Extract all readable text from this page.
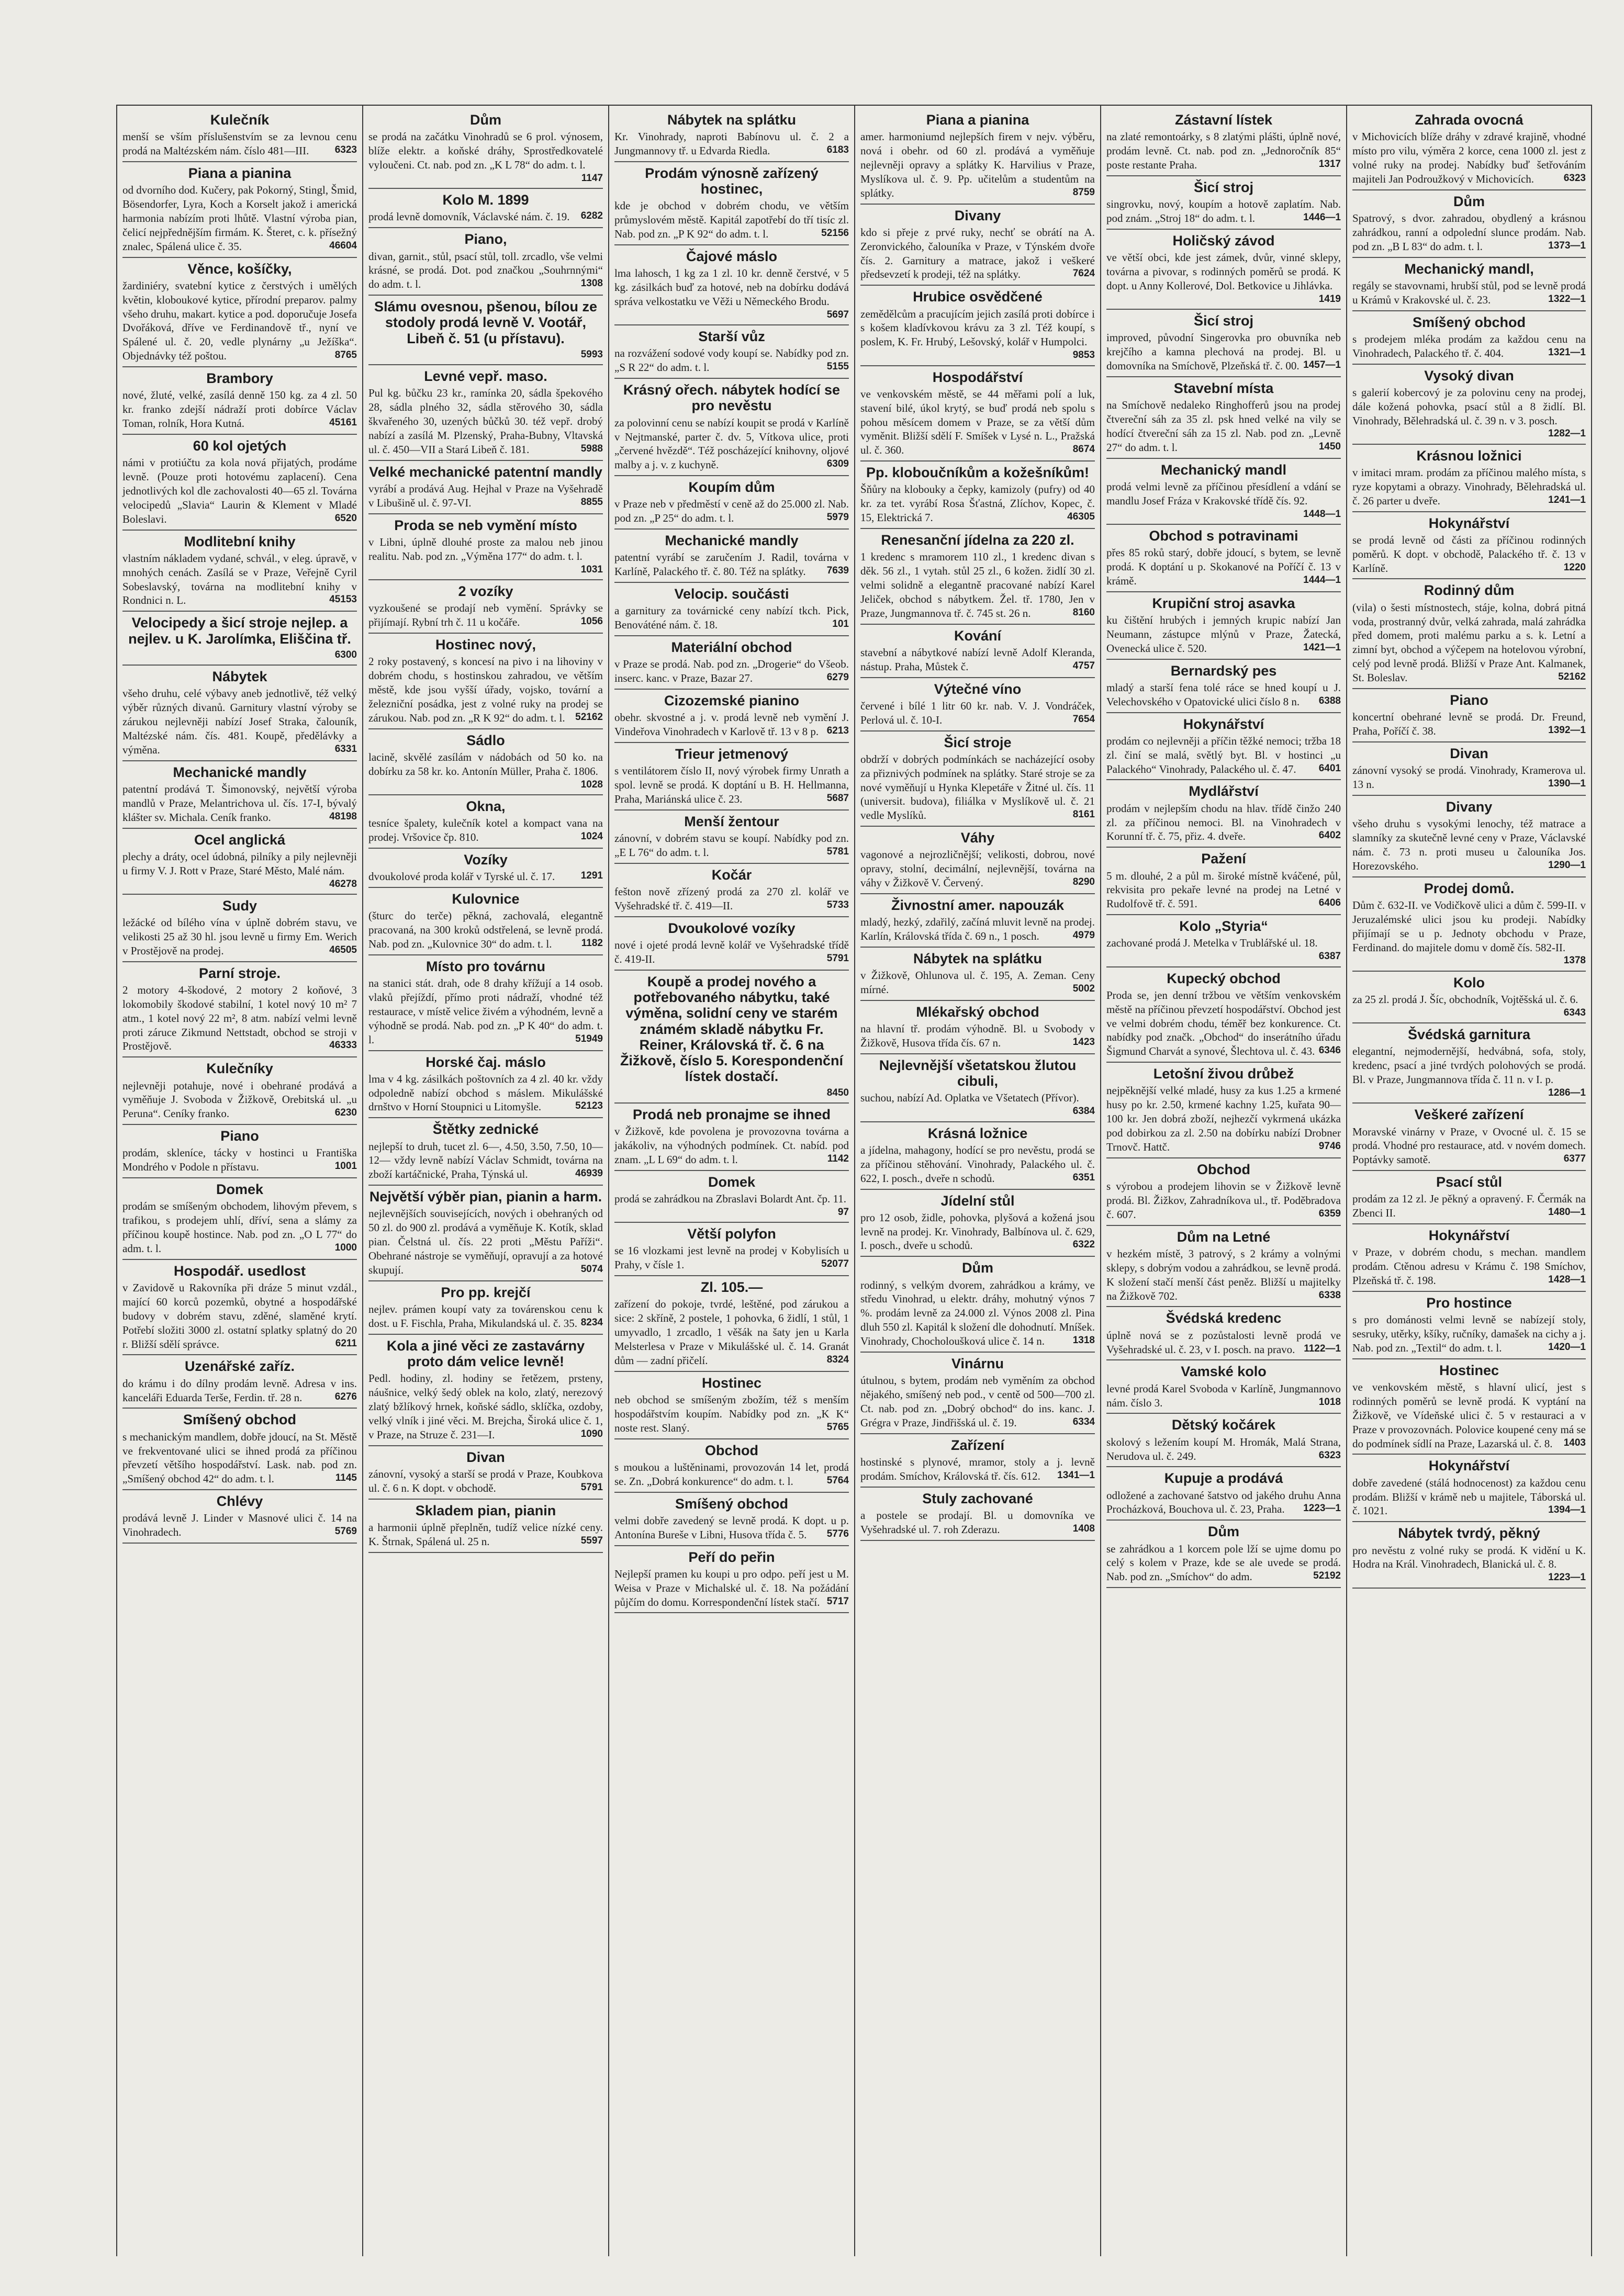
Kulečník

menší se vším příslušenstvím se za levnou cenu prodá na Maltézském nám. číslo 481—III.	6323

Piana a pianina

od dvorního dod. Kučery, pak Pokorný, Stingl, Šmid, Bösendorfer, Lyra, Koch a Korselt jakož i americká harmonia nabízím proti lhůtě. Vlastní výroba pian, čelicí nejpřednějším firmám. K. Šteret, c. k. přísežný znalec, Spálená ulice č. 35.	46604

Věnce, košíčky,

žardiniéry, svatební kytice z čerstvých i umělých květin, kloboukové kytice, přírodní preparov. palmy všeho druhu, makart. kytice a pod. doporučuje Josefa Dvořáková, dříve ve Ferdinandově tř., nyní ve Spálené ul. č. 20, vedle plynárny „u Ježíška“. Objednávky též poštou.	8765

Brambory

nové, žluté, velké, zasílá denně 150 kg. za 4 zl. 50 kr. franko zdejší nádraží proti dobírce Václav Toman, rolník, Hora Kutná.	45161

60 kol ojetých

námi v protiúčtu za kola nová přijatých, prodáme levně. (Pouze proti hotovému zaplacení). Cena jednotlivých kol dle zachovalosti 40—65 zl. Továrna velocipedů „Slavia“ Laurin & Klement v Mladé Boleslavi.	6520

Modlitební knihy

vlastním nákladem vydané, schvál., v eleg. úpravě, v mnohých cenách. Zasílá se v Praze, Veřejně Cyril Sobeslavský, továrna na modlitební knihy v Rondnici n. L.	45153

Velocipedy a šicí stroje nejlep. a nejlev. u K. Jarolímka, Eliščina tř.

6300

Nábytek

všeho druhu, celé výbavy aneb jednotlivě, též velký výběr různých divanů. Garnitury vlastní výroby se zárukou nejlevněji nabízí Josef Straka, čalouník, Maltézské nám. čís. 481. Koupě, předělávky a výměna.	6331

Mechanické mandly

patentní prodává T. Šimonovský, největší výroba mandlů v Praze, Melantrichova ul. čís. 17-I, bývalý klášter sv. Michala. Ceník franko.	48198

Ocel anglická

plechy a dráty, ocel údobná, pilníky a pily nejlevněji u firmy V. J. Rott v Praze, Staré Město, Malé nám.
46278

Sudy

ležácké od bílého vína v úplně dobrém stavu, ve velikosti 25 až 30 hl. jsou levně u firmy Em. Werich v Prostějově na prodej.	46505

Parní stroje.

2 motory 4-škodové, 2 motory 2 koňové, 3 lokomobily škodové stabilní, 1 kotel nový 10 m² 7 atm., 1 kotel nový 22 m², 8 atm. nabízí velmi levně proti záruce Zikmund Nettstadt, obchod se stroji v Prostějově.	46333

Kulečníky

nejlevněji potahuje, nové i obehrané prodává a vyměňuje J. Svoboda v Žižkově, Orebitská ul. „u Peruna“. Ceníky franko.	6230

Piano

prodám, skleníce, tácky v hostinci u Františka Mondrého v Podole n přístavu.	1001

Domek

prodám se smíšeným obchodem, lihovým převem, s trafikou, s prodejem uhlí, dříví, sena a slámy za příčinou koupě hostince. Nab. pod zn. „O L 77“ do adm. t. l.	1000

Hospodář. usedlost

v Zavidově u Rakovníka při dráze 5 minut vzdál., mající 60 korců pozemků, obytné a hospodářské budovy v dobrém stavu, zděné, slaměné krytí. Potřebí složiti 3000 zl. ostatní splatky splatný do 20 r. Bližší sdělí správce.	6211

Uzenářské zaříz.

do krámu i do dílny prodám levně. Adresa v ins. kanceláři Eduarda Terše, Ferdin. tř. 28 n.	6276

Smíšený obchod

s mechanickým mandlem, dobře jdoucí, na St. Městě ve frekventované ulici se ihned prodá za příčinou převzetí většího hospodářství. Lask. nab. pod zn. „Smíšený obchod 42“ do adm. t. l.	1145

Chlévy

prodává levně J. Linder v Masnové ulici č. 14 na Vinohradech.	5769

Dům

se prodá na začátku Vinohradů se 6 prol. výnosem, blíže elektr. a koňské dráhy, Sprostředkovatelé vyloučeni. Ct. nab. pod zn. „K L 78“ do adm. t. l.
1147

Kolo M. 1899

prodá levně domovník, Václavské nám. č. 19.	6282

Piano,

divan, garnit., stůl, psací stůl, toll. zrcadlo, vše velmi krásné, se prodá. Dot. pod značkou „Souhrnnými“ do adm. t. l.	1308

Slámu ovesnou, pšenou, bílou ze stodoly prodá levně V. Vootář, Libeň č. 51 (u přístavu).

5993

Levné vepř. maso.

Pul kg. bůčku 23 kr., ramínka 20, sádla špekového 28, sádla plného 32, sádla stěrového 30, sádla škvařeného 30, uzených bůčků 30. též vepř. drobý nabízí a zasílá M. Plzenský, Praha-Bubny, Vltavská ul. č. 450—VII a Stará Libeň č. 181.	5988

Velké mechanické patentní mandly

vyrábí a prodává Aug. Hejhal v Praze na Vyšehradě v Libušině ul. č. 97-VI.	8855

Proda se neb vymění místo

v Libni, úplně dlouhé proste za malou neb jinou realitu. Nab. pod zn. „Výměna 177“ do adm. t. l.
1031

2 vozíky

vyzkoušené se prodají neb vymění. Správky se přijímají. Rybní trh č. 11 u kočáře.	1056

Hostinec nový,

2 roky postavený, s koncesí na pivo i na lihoviny v dobrém chodu, s hostinskou zahradou, ve větším městě, kde jsou vyšší úřady, vojsko, tovární a železniční posádka, jest z volné ruky na prodej se zárukou. Nab. pod zn. „R K 92“ do adm. t. l.	52162

Sádlo

lacině, skvělé zasílám v nádobách od 50 ko. na dobírku za 58 kr. ko. Antonín Müller, Praha č. 1806.
1028

Okna,

tesníce špalety, kulečník kotel a kompact vana na prodej. Vršovice čp. 810.	1024

Vozíky

dvoukolové proda kolář v Tyrské ul. č. 17.	1291

Kulovnice

(šturc do terče) pěkná, zachovalá, elegantně pracovaná, na 300 kroků odstřelená, se levně prodá. Nab. pod zn. „Kulovnice 30“ do adm. t. l.	1182

Místo pro továrnu

na stanici stát. drah, ode 8 drahy křížují a 14 osob. vlaků přejíždí, přímo proti nádraží, vhodné též restaurace, v místě velice živém a výhodném, levně a výhodně se prodá. Nab. pod zn. „P K 40“ do adm. t. l.	51949

Horské čaj. máslo

lma v 4 kg. zásilkách poštovních za 4 zl. 40 kr. vždy odpoledně nabízí obchod s máslem. Mikulášské drnštvo v Horní Stoupnici u Litomyšle.	52123

Štětky zednické

nejlepší to druh, tucet zl. 6—, 4.50, 3.50, 7.50, 10—12— vždy levně nabízí Václav Schmidt, továrna na zboží kartáčnické, Praha, Týnská ul.	46939

Největší výběr pian, pianin a harm.

nejlevnějších souvisejících, nových i obehraných od 50 zl. do 900 zl. prodává a vyměňuje K. Kotík, sklad pian. Čelstná ul. čís. 22 proti „Městu Paříži“. Obehrané nástroje se vyměňují, opravují a za hotové skupují.	5074

Pro pp. krejčí

nejlev. prámen koupí vaty za továrenskou cenu k dost. u F. Fischla, Praha, Mikulandská ul. č. 35. 8234

Kola a jiné věci ze zastavárny proto dám velice levně!

Pedl. hodiny, zl. hodiny se řetězem, prsteny, náušnice, velký šedý oblek na kolo, zlatý, nerezový zlatý bžlíkový hrnek, koňské sádlo, sklíčka, ozdoby, velký vlník i jiné věci. M. Brejcha, Široká ulice č. 1, v Praze, na Struze č. 231—I.	1090

Divan

zánovní, vysoký a starší se prodá v Praze, Koubkova ul. č. 6 n. K dopt. v obchodě.	5791

Skladem pian, pianin

a harmonii úplně přeplněn, tudíž velice nízké ceny. K. Štrnak, Spálená ul. 25 n.	5597

Nábytek na splátku

Kr. Vinohrady, naproti Babínovu ul. č. 2 a Jungmannovy tř. u Edvarda Riedla.	6183

Prodám výnosně zařízený hostinec,

kde je obchod v dobrém chodu, ve větším průmyslovém městě. Kapitál zapotřebí do tří tisíc zl. Nab. pod zn. „P K 92“ do adm. t. l.	52156

Čajové máslo

lma lahosch, 1 kg za 1 zl. 10 kr. denně čerstvé, v 5 kg. zásilkách buď za hotové, neb na dobírku dodává správa velkostatku ve Věži u Německého Brodu.
5697

Starší vůz

na rozvážení sodové vody koupí se. Nabídky pod zn. „S R 22“ do adm. t. l.	5155

Krásný ořech. nábytek hodící se pro nevěstu

za polovinní cenu se nabízí koupit se prodá v Karlíně v Nejtmanské, parter č. dv. 5, Vítkova ulice, proti „červené hvězdě“. Též poscházející knihovny, oljové malby a j. v. z kuchyně.	6309

Koupím dům

v Praze neb v předměstí v ceně až do 25.000 zl. Nab. pod zn. „P 25“ do adm. t. l.	5979

Mechanické mandly

patentní vyrábí se zaručením J. Radil, továrna v Karlíně, Palackého tř. č. 80. Též na splátky.	7639

Velocip. součásti

a garnitury za továrnické ceny nabízí tkch. Pick, Benováténé nám. č. 18.	101

Materiální obchod

v Praze se prodá. Nab. pod zn. „Drogerie“ do Všeob. inserc. kanc. v Praze, Bazar 27.	6279

Cizozemské pianino

obehr. skvostné a j. v. prodá levně neb vymění J. Vindeřova Vinohradech v Karlově tř. 13 v 8 p. 6213

Trieur jetmenový

s ventilátorem číslo II, nový výrobek firmy Unrath a spol. levně se prodá. K doptání u B. H. Hellmanna, Praha, Mariánská ulice č. 23.	5687

Menší žentour

zánovní, v dobrém stavu se koupí. Nabídky pod zn. „E L 76“ do adm. t. l.	5781

Kočár

fešton nově zřízený prodá za 270 zl. kolář ve Vyšehradské tř. č. 419—II.	5733

Dvoukolové vozíky

nové i ojeté prodá levně kolář ve Vyšehradské třídě č. 419-II.	5791

Koupě a prodej nového a potřebovaného nábytku, také výměna, solidní ceny ve starém známém skladě nábytku Fr. Reiner, Královská tř. č. 6 na Žižkově, číslo 5. Korespondenční lístek dostačí.

8450

Prodá neb pronajme se ihned

v Žižkově, kde povolena je provozovna továrna a jakákoliv, na výhodných podmínek. Ct. nabíd. pod znam. „L L 69“ do adm. t. l.	1142

Domek

prodá se zahrádkou na Zbraslavi Bolardt Ant. čp. 11.
97

Větší polyfon

se 16 vlozkami jest levně na prodej v Kobylisích u Prahy, v čísle 1.	52077

Zl. 105.—

zařízení do pokoje, tvrdé, leštěné, pod zárukou a sice: 2 skříně, 2 postele, 1 pohovka, 6 židlí, 1 stůl, 1 umyvadlo, 1 zrcadlo, 1 věšák na šaty jen u Karla Melsterlesa v Praze v Mikulášské ul. č. 14. Granát dům — zadní přičelí.	8324

Hostinec

neb obchod se smíšeným zbožím, též s menším hospodářstvím koupím. Nabídky pod zn. „K K“ noste rest. Slaný.	5765

Obchod

s moukou a luštěninami, provozován 14 let, prodá se. Zn. „Dobrá konkurence“ do adm. t. l.	5764

Smíšený obchod

velmi dobře zavedený se levně prodá. K dopt. u p. Antonína Bureše v Libni, Husova třída č. 5.	5776

Peří do peřin

Nejlepší pramen ku koupi u pro odpo. peří jest u M. Weisa v Praze v Michalské ul. č. 18. Na požádání půjčím do domu. Korrespondenční lístek stačí. 5717

Piana a pianina

amer. harmoniumd nejlepších firem v nejv. výběru, nová i obehr. od 60 zl. prodává a vyměňuje nejlevněji opravy a splátky K. Harvilius v Praze, Myslíkova ul. č. 9. Pp. učitelům a studentům na splátky.	8759

Divany

kdo si přeje z prvé ruky, nechť se obrátí na A. Zeronvického, čalouníka v Praze, v Týnském dvoře čís. 2. Garnitury a matrace, jakož i veškeré předsevzetí k prodeji, též na splátky.	7624

Hrubice osvědčené

zemědělcům a pracujícím jejich zasílá proti dobírce i s košem kladívkovou krávu za 3 zl. Též koupí, s poslem, K. Fr. Hrubý, Lešovský, kolář v Humpolci.
9853

Hospodářství

ve venkovském městě, se 44 měřami polí a luk, stavení bilé, úkol krytý, se buď prodá neb spolu s pohou měsícem domem v Praze, se za větší dům vyměnit. Bližší sdělí F. Smíšek v Lysé n. L., Pražská ul. č. 360.	8674

Pp. kloboučníkům a kožešníkům!

Šňůry na klobouky a čepky, kamizoly (pufry) od 40 kr. za tet. vyrábí Rosa Šťastná, Zlíchov, Kopec, č. 15, Elektrická 7.	46305

Renesanční jídelna za 220 zl.

1 kredenc s mramorem 110 zl., 1 kredenc divan s děk. 56 zl., 1 vytah. stůl 25 zl., 6 kožen. židlí 30 zl. velmi solidně a elegantně pracované nabízí Karel Jeliček, obchod s nábytkem. Žel. tř. 1780, Jen v Praze, Jungmannova tř. č. 745 st. 26 n.	8160

Kování

stavební a nábytkové nabízí levně Adolf Kleranda, nástup. Praha, Můstek č.	4757

Výtečné víno

červené i bílé 1 litr 60 kr. nab. V. J. Vondráček, Perlová ul. č. 10-I.	7654

Šicí stroje

obdrží v dobrých podmínkách se nacházející osoby za přiznivých podmínek na splátky. Staré stroje se za nové vyměňují u Hynka Klepetáře v Žitné ul. čís. 11 (universit. budova), filiálka v Myslíkově ul. č. 21 vedle Myslíků.	8161

Váhy

vagonové a nejrozličnější; velikosti, dobrou, nové opravy, stolní, decimální, nejlevnější, továrna na váhy v Žižkově V. Červený.	8290

Živnostní amer. napouzák

mladý, hezký, zdařilý, začíná mluvit levně na prodej. Karlín, Královská třída č. 69 n., 1 posch.	4979

Nábytek na splátku

v Žižkově, Ohlunova ul. č. 195, A. Zeman. Ceny mírné.	5002

Mlékařský obchod

na hlavní tř. prodám výhodně. Bl. u Svobody v Žižkově, Husova třída čís. 67 n.	1423

Nejlevnější všetatskou žlutou cibuli,

suchou, nabízí Ad. Oplatka ve Všetatech (Přívor).
6384

Krásná ložnice

a jídelna, mahagony, hodící se pro nevěstu, prodá se za příčinou stěhování. Vinohrady, Palackého ul. č. 622, I. posch., dveře n schodů.	6351

Jídelní stůl

pro 12 osob, židle, pohovka, plyšová a kožená jsou levně na prodej. Kr. Vinohrady, Balbínova ul. č. 629, I. posch., dveře u schodů.	6322

Dům

rodinný, s velkým dvorem, zahrádkou a krámy, ve středu Vinohrad, u elektr. dráhy, mohutný výnos 7 %. prodám levně za 24.000 zl. Výnos 2008 zl. Pina dluh 550 zl. Kapitál k složení dle dohodnutí. Mníšek. Vinohrady, Chocholoušková ulice č. 14 n.	1318

Vinárnu

útulnou, s bytem, prodám neb vyměním za obchod nějakého, smíšený neb pod., v centě od 500—700 zl. Ct. nab. pod zn. „Dobrý obchod“ do ins. kanc. J. Grégra v Praze, Jindřišská ul. č. 19.	6334

Zařízení

hostinské s plynové, mramor, stoly a j. levně prodám. Smíchov, Královská tř. čís. 612.	1341—1

Stuly zachované

a postele se prodají. Bl. u domovníka ve Vyšehradské ul. 7. roh Zderazu.	1408

Zástavní lístek

na zlaté remontoárky, s 8 zlatými plášti, úplně nové, prodám levně. Ct. nab. pod zn. „Jednoročník 85“ poste restante Praha.	1317

Šicí stroj

singrovku, nový, koupím a hotově zaplatím. Nab. pod znám. „Stroj 18“ do adm. t. l.	1446—1

Holičský závod

ve větší obci, kde jest zámek, dvůr, vinné sklepy, továrna a pivovar, s rodinných poměrů se prodá. K dopt. u Anny Kollerové, Dol. Betkovice u Jihlávka.
1419

Šicí stroj

improved, původní Singerovka pro obuvníka neb krejčího a kamna plechová na prodej. Bl. u domovníka na Smíchově, Plzeňská tř. č. 00. 1457—1

Stavební místa

na Smíchově nedaleko Ringhofferů jsou na prodej čtvereční sáh za 35 zl. psk hned velké na vily se hodící čtvereční sáh za 15 zl. Nab. pod zn. „Levně 27“ do adm. t. l.	1450

Mechanický mandl

prodá velmi levně za příčinou přesídlení a vdání se mandlu Josef Fráza v Krakovské třídě čís. 92.
1448—1

Obchod s potravinami

přes 85 roků starý, dobře jdoucí, s bytem, se levně prodá. K doptání u p. Skokanové na Poříčí č. 13 v krámě.	1444—1

Krupiční stroj asavka

ku čištění hrubých i jemných krupic nabízí Jan Neumann, zástupce mlýnů v Praze, Žatecká, Ovenecká ulice č. 520.	1421—1

Bernardský pes

mladý a starší fena tolé ráce se hned koupí u J. Velechovského v Opatovické ulici číslo 8 n.	6388

Hokynářství

prodám co nejlevněji a příčin těžké nemoci; tržba 18 zl. činí se malá, světlý byt. Bl. v hostinci „u Palackého“ Vinohrady, Palackého ul. č. 47.	6401

Mydlářství

prodám v nejlepším chodu na hlav. třídě činžo 240 zl. za příčinou nemoci. Bl. na Vinohradech v Korunní tř. č. 75, přiz. 4. dveře.	6402

Pažení

5 m. dlouhé, 2 a půl m. široké místně kváčené, půl, rekvisita pro pekaře levné na prodej na Letné v Rudolfově tř. č. 591.	6406

Kolo „Styria“

zachované prodá J. Metelka v Trublářské ul. 18.
6387

Kupecký obchod

Proda se, jen denní tržbou ve větším venkovském městě na příčinou převzetí hospodářství. Obchod jest ve velmi dobrém chodu, téměř bez konkurence. Ct. nabídky pod značk. „Obchod“ do inserátního úřadu Šigmund Charvát a synové, Šlechtova ul. č. 43. 6346

Letošní živou drůbež

nejpěknější velké mladé, husy za kus 1.25 a krmené husy po kr. 2.50, krmené kachny 1.25, kuřata 90—100 kr. Jen dobrá zboží, nejhezčí vykrmená ukázka pod dobirkou za zl. 2.50 na dobírku nabízí Drobner Trnovč. Hattč.	9746

Obchod

s výrobou a prodejem lihovin se v Žižkově levně prodá. Bl. Žižkov, Zahradníkova ul., tř. Poděbradova č. 607.	6359

Dům na Letné

v hezkém místě, 3 patrový, s 2 krámy a volnými sklepy, s dobrým vodou a zahrádkou, se levně prodá. K složení stačí menší část peněz. Bližší u majitelky na Žižkově 702.	6338

Švédská kredenc

úplně nová se z pozůstalosti levně prodá ve Vyšehradské ul. č. 23, v I. posch. na pravo. 1122—1

Vamské kolo

levné prodá Karel Svoboda v Karlíně, Jungmannovo nám. číslo 3.	1018

Dětský kočárek

skolový s ležením koupí M. Hromák, Malá Strana, Nerudova ul. č. 249.	6323

Kupuje a prodává

odložené a zachované šatstvo od jakého druhu Anna Procházková, Bouchova ul. č. 23, Praha.	1223—1

Dům

se zahrádkou a 1 korcem pole lží se ujme domu po celý s kolem v Praze, kde se ale uvede se prodá. Nab. pod zn. „Smíchov“ do adm.	52192

Zahrada ovocná

v Michovicích blíže dráhy v zdravé krajině, vhodné místo pro vilu, výměra 2 korce, cena 1000 zl. jest z volné ruky na prodej. Nabídky buď šetřováním majiteli Jan Podroužkový v Michovicích.	6323

Dům

Spatrový, s dvor. zahradou, obydlený a krásnou zahrádkou, ranní a odpolední slunce prodám. Nab. pod zn. „B L 83“ do adm. t. l.	1373—1

Mechanický mandl,

regály se stavovnami, hrubší stůl, pod se levně prodá u Krámů v Krakovské ul. č. 23.	1322—1

Smíšený obchod

s prodejem mléka prodám za každou cenu na Vinohradech, Palackého tř. č. 404.	1321—1

Vysoký divan

s galerií kobercový je za polovinu ceny na prodej, dále kožená pohovka, psací stůl a 8 židlí. Bl. Vinohrady, Bělehradská ul. č. 39 n. v 3. posch.
1282—1

Krásnou ložnici

v imitaci mram. prodám za příčinou malého místa, s ryze kopytami a obrazy. Vinohrady, Bělehradská ul. č. 26 parter u dveře.	1241—1

Hokynářství

se prodá levně od části za příčinou rodinných poměrů. K dopt. v obchodě, Palackého tř. č. 13 v Karlíně.	1220

Rodinný dům

(vila) o šesti místnostech, stáje, kolna, dobrá pitná voda, prostranný dvůr, velká zahrada, malá zahrádka před domem, proti malému parku a s. k. Letní a zimní byt, obchod a výčepem na hotelovou výrobní, celý pod levně prodá. Bližší v Praze Ant. Kalmanek, St. Boleslav.	52162

Piano

koncertní obehrané levně se prodá. Dr. Freund, Praha, Poříčí č. 38.	1392—1

Divan

zánovní vysoký se prodá. Vinohrady, Kramerova ul. 13 n.	1390—1

Divany

všeho druhu s vysokými lenochy, též matrace a slamníky za skutečně levné ceny v Praze, Václavské nám. č. 73 n. proti museu u čalouníka Jos. Horezovského.	1290—1

Prodej domů.

Dům č. 632-II. ve Vodičkově ulici a dům č. 599-II. v Jeruzalémské ulici jsou ku prodeji. Nabídky přijímají se u p. Jednoty obchodu v Praze, Ferdinand. do majitele domu v domě čís. 582-II.
1378

Kolo

za 25 zl. prodá J. Šíc, obchodník, Vojtěšská ul. č. 6.
6343

Švédská garnitura

elegantní, nejmodernější, hedvábná, sofa, stoly, kredenc, psací a jiné tvrdých polohových se prodá. Bl. v Praze, Jungmannova třída č. 11 n. v I. p.
1286—1

Veškeré zařízení

Moravské vinárny v Praze, v Ovocné ul. č. 15 se prodá. Vhodné pro restaurace, atd. v novém domech. Poptávky samotě.	6377

Psací stůl

prodám za 12 zl. Je pěkný a opravený. F. Čermák na Zbenci II.	1480—1

Hokynářství

v Praze, v dobrém chodu, s mechan. mandlem prodám. Ctěnou adresu v Krámu č. 198 Smíchov, Plzeňská tř. č. 198.	1428—1

Pro hostince

s pro dománosti velmi levně se nabízejí stoly, sesruky, utěrky, kšíky, ručníky, damašek na cichy a j. Nab. pod zn. „Textil“ do adm. t. l.	1420—1

Hostinec

ve venkovském městě, s hlavní ulicí, jest s rodinných poměrů se levně prodá. K vyptání na Žižkově, ve Vídeňské ulici č. 5 v restauraci a v Praze v provozovnách. Polovice koupené ceny má se do podmínek sídlí na Praze, Lazarská ul. č. 8.	1403

Hokynářství

dobře zavedené (stálá hodnocenost) za každou cenu prodám. Bližší v krámě neb u majitele, Táborská ul. č. 1021.	1394—1

Nábytek tvrdý, pěkný

pro nevěstu z volné ruky se prodá. K vidění u K. Hodra na Král. Vinohradech, Blanická ul. č. 8.
1223—1
